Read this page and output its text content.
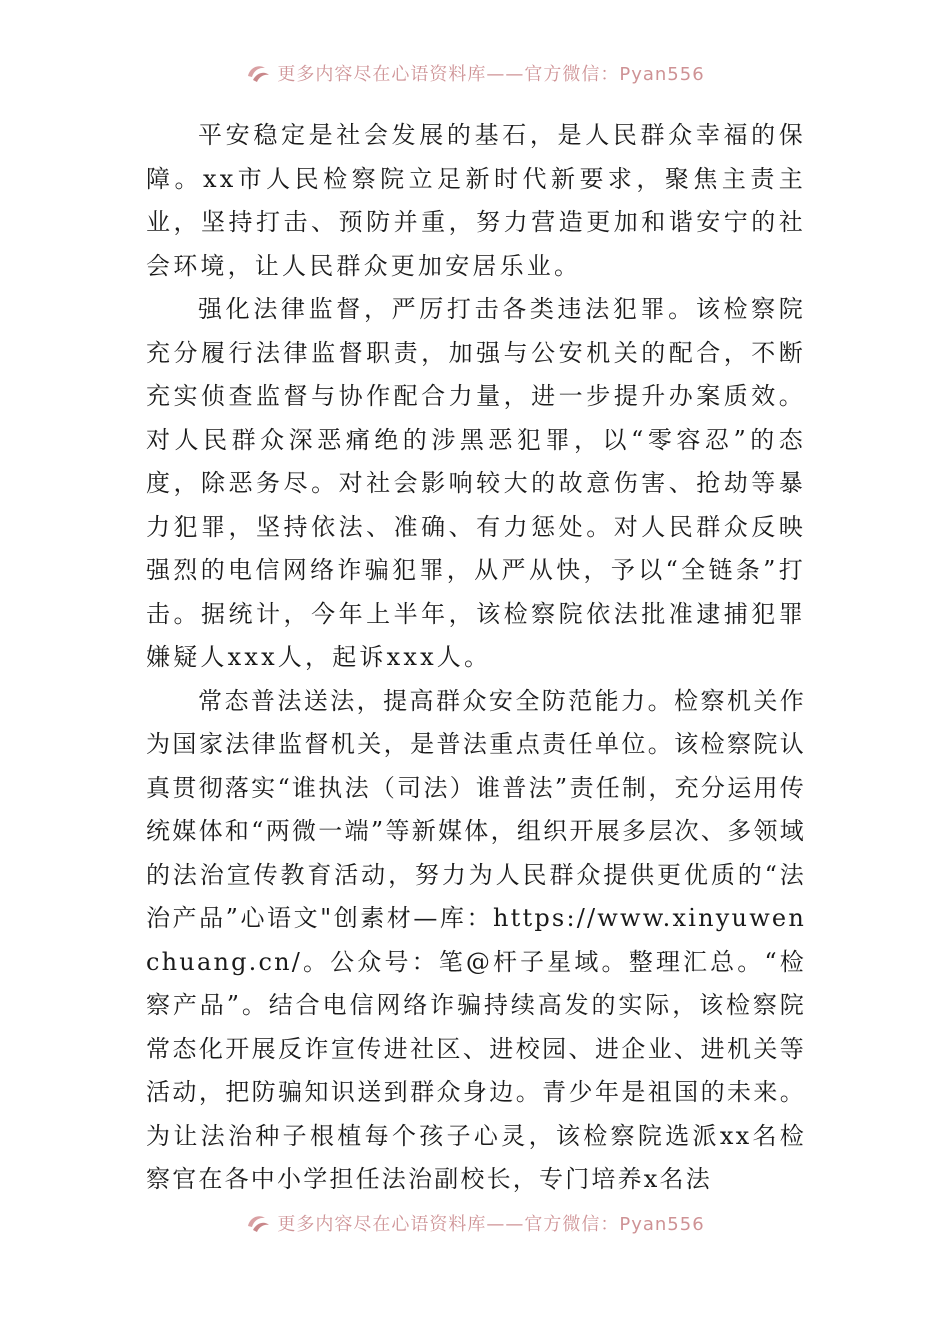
更多内容尽在心语资料库——官方微信：Pyan556

平安稳定是社会发展的基石，是人民群众幸福的保障。xx市人民检察院立足新时代新要求，聚焦主责主业，坚持打击、预防并重，努力营造更加和谐安宁的社会环境，让人民群众更加安居乐业。

强化法律监督，严厉打击各类违法犯罪。该检察院充分履行法律监督职责，加强与公安机关的配合，不断充实侦查监督与协作配合力量，进一步提升办案质效。对人民群众深恶痛绝的涉黑恶犯罪，以“零容忍”的态度，除恶务尽。对社会影响较大的故意伤害、抢劫等暴力犯罪，坚持依法、准确、有力惩处。对人民群众反映强烈的电信网络诈骗犯罪，从严从快，予以“全链条”打击。据统计，今年上半年，该检察院依法批准逮捕犯罪嫌疑人xxx人，起诉xxx人。

常态普法送法，提高群众安全防范能力。检察机关作为国家法律监督机关，是普法重点责任单位。该检察院认真贯彻落实“谁执法（司法）谁普法”责任制，充分运用传统媒体和“两微一端”等新媒体，组织开展多层次、多领域的法治宣传教育活动，努力为人民群众提供更优质的“法治产品”心语文"创素材—库：https://www.xinyuwenchuang.cn/。公众号：笔@杆子星域。整理汇总。“检察产品”。结合电信网络诈骗持续高发的实际，该检察院常态化开展反诈宣传进社区、进校园、进企业、进机关等活动，把防骗知识送到群众身边。青少年是祖国的未来。为让法治种子根植每个孩子心灵，该检察院选派xx名检察官在各中小学担任法治副校长，专门培养x名法

更多内容尽在心语资料库——官方微信：Pyan556
